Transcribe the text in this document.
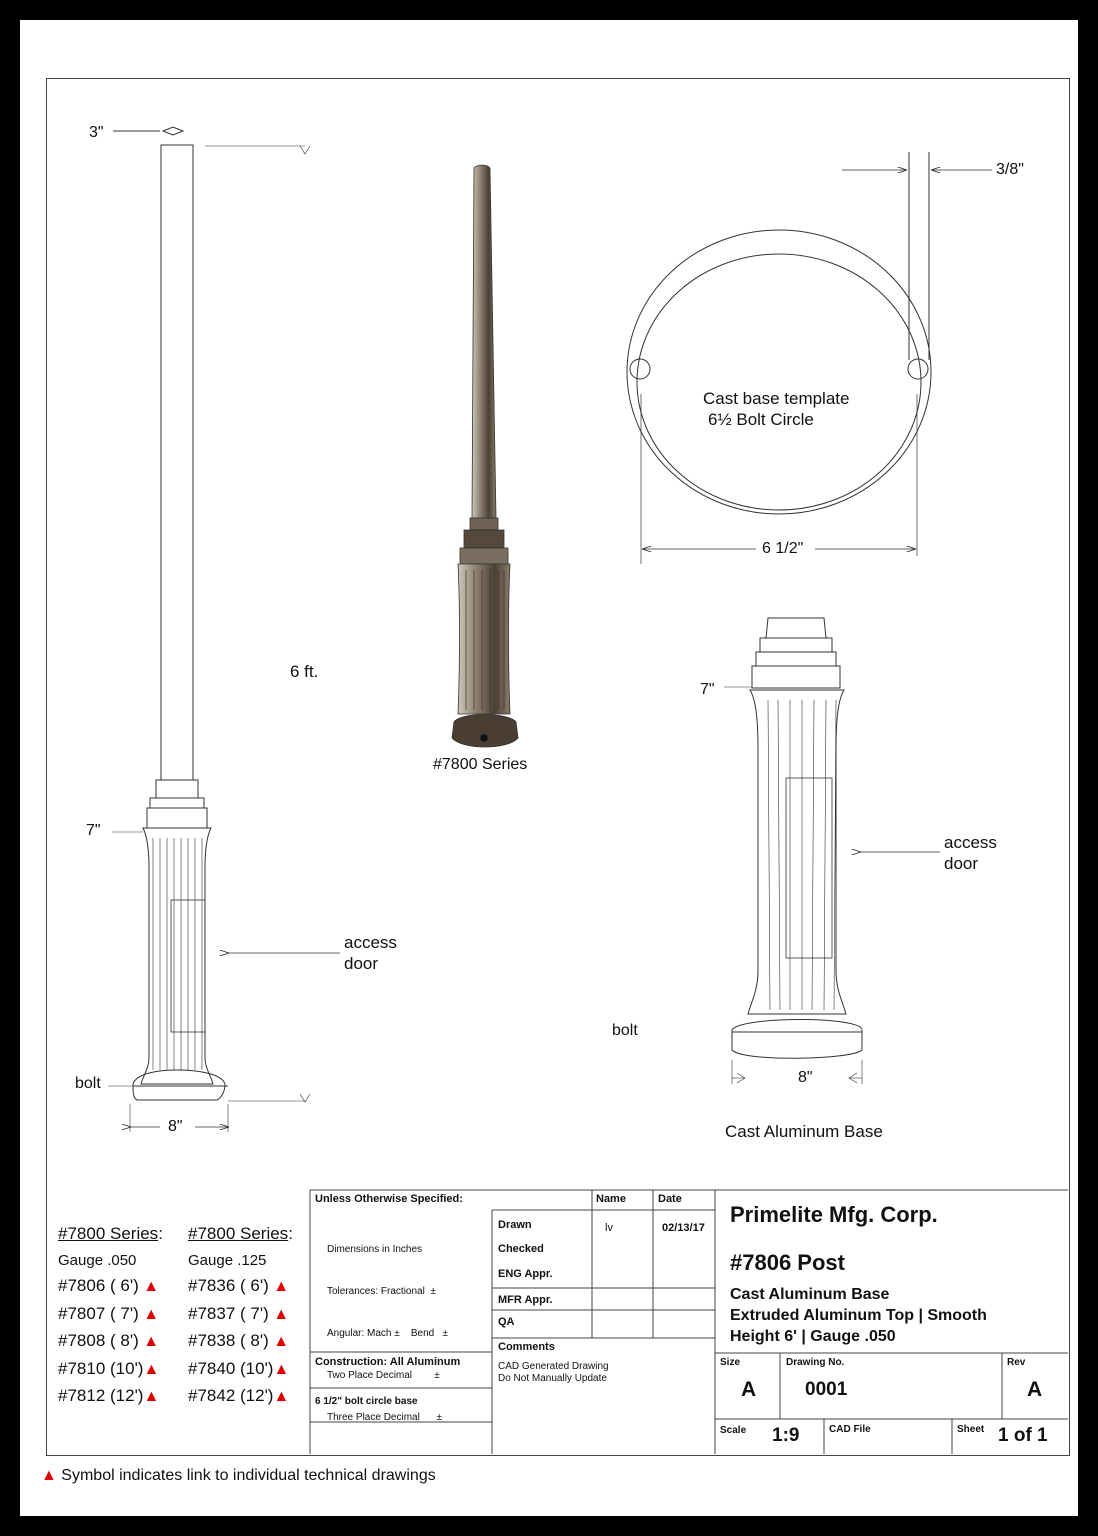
3"
6 ft.
7"
access
door
bolt
8"
#7800 Series
3/8"
Cast base template
6½ Bolt Circle
6 1/2"
7"
access
door
bolt
8"
Cast Aluminum Base
#7800 Series:
Gauge .050
#7806 ( 6') ▲
#7807 ( 7') ▲
#7808 ( 8') ▲
#7810 (10')▲
#7812 (12')▲
#7800 Series:
Gauge .125
#7836 ( 6') ▲
#7837 ( 7') ▲
#7838 ( 8') ▲
#7840 (10')▲
#7842 (12')▲
Unless Otherwise Specified:

Dimensions in Inches

Tolerances: Fractional  ±

Angular: Mach ±    Bend   ±

Two Place Decimal        ±

Three Place Decimal      ±

Name	Date
Drawn	lv	02/13/17
Checked
ENG Appr.
MFR Appr.
QA
Comments
CAD Generated Drawing
Do Not Manually Update
Construction: All Aluminum
6 1/2" bolt circle base
Primelite Mfg. Corp.
#7806 Post
Cast Aluminum Base
Extruded Aluminum Top | Smooth
Height 6' | Gauge .050
Size
A
Drawing No.
0001
Rev
A
Scale 1:9	CAD File	Sheet 1 of 1
▲ Symbol indicates link to individual technical drawings
